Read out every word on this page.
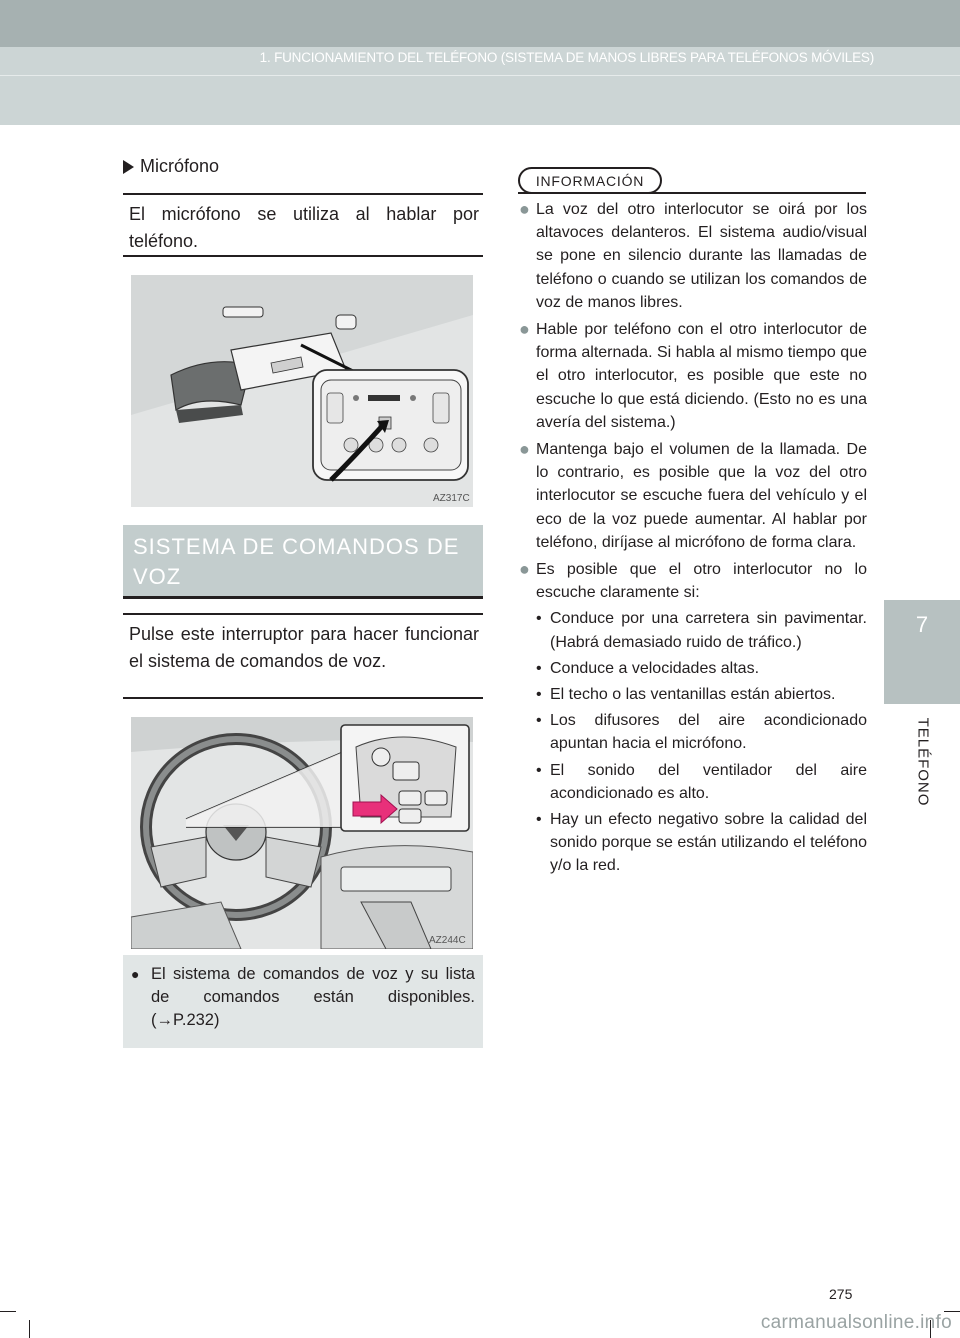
1. FUNCIONAMIENTO DEL TELÉFONO (SISTEMA DE MANOS LIBRES PARA TELÉFONOS MÓVILES)
7
TELÉFONO
Micrófono
El micrófono se utiliza al hablar por teléfono.
AZ317C
SISTEMA DE COMANDOS DE VOZ
Pulse este interruptor para hacer funcionar el sistema de comandos de voz.
AZ244C
● El sistema de comandos de voz y su lista
de comandos están disponibles.
(→P.232)
INFORMACIÓN
● La voz del otro interlocutor se oirá por los altavoces delanteros. El sistema audio/visual se pone en silencio durante las llamadas de teléfono o cuando se utilizan los comandos de voz de manos libres.

● Hable por teléfono con el otro interlocutor de forma alternada. Si habla al mismo tiempo que el otro interlocutor, es posible que este no escuche lo que está diciendo. (Esto no es una avería del sistema.)

● Mantenga bajo el volumen de la llamada. De lo contrario, es posible que la voz del otro interlocutor se escuche fuera del vehículo y el eco de la voz puede aumentar. Al hablar por teléfono, diríjase al micrófono de forma clara.

● Es posible que el otro interlocutor no lo escuche claramente si:

• Conduce por una carretera sin pavimentar. (Habrá demasiado ruido de tráfico.)
• Conduce a velocidades altas.
• El techo o las ventanillas están abiertos.
• Los difusores del aire acondicionado apuntan hacia el micrófono.
• El sonido del ventilador del aire acondicionado es alto.
• Hay un efecto negativo sobre la calidad del sonido porque se están utilizando el teléfono y/o la red.
275
carmanualsonline.info
